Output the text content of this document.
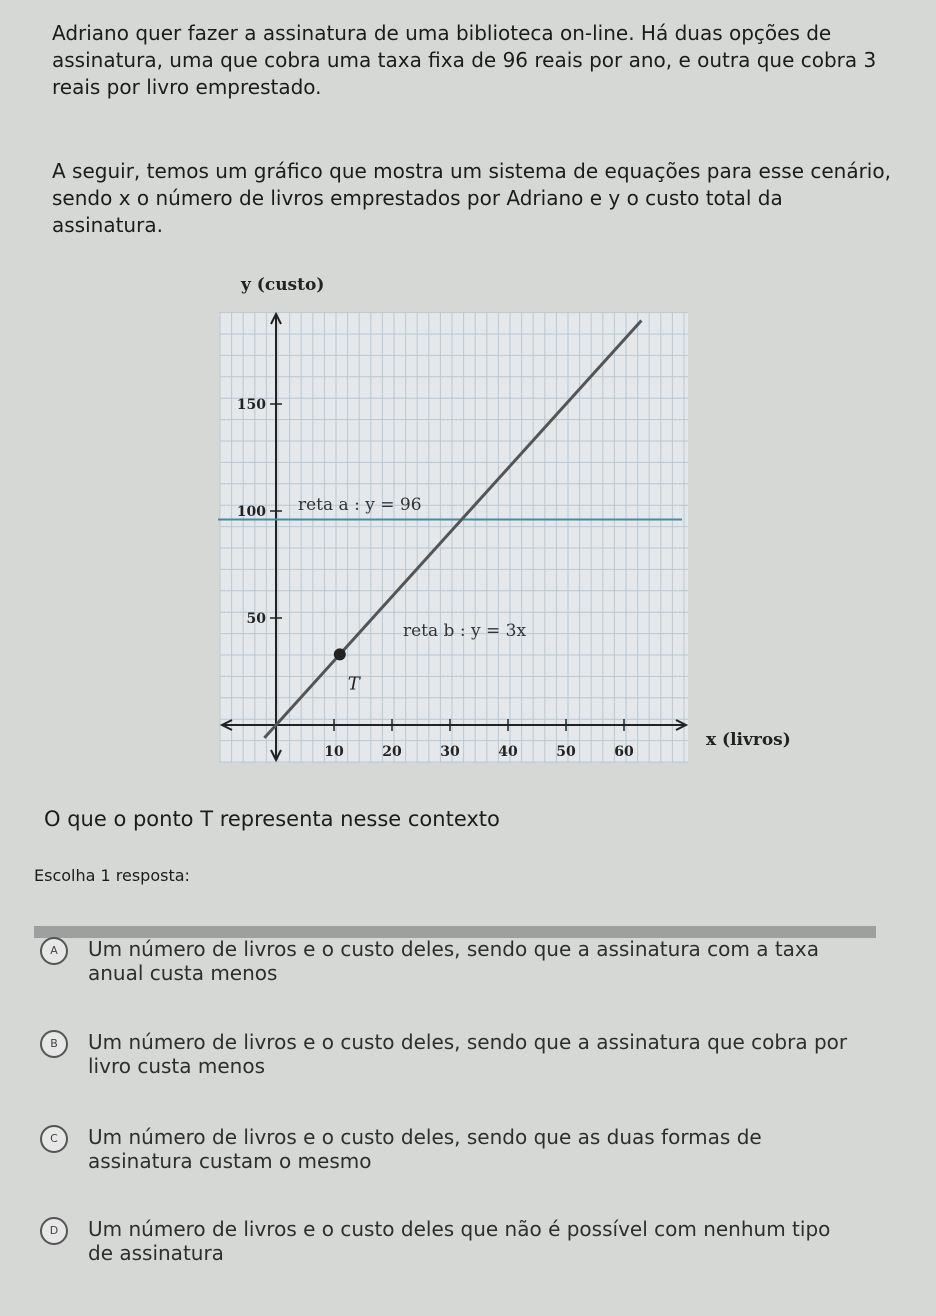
Adriano quer fazer a assinatura de uma biblioteca on-line. Há duas opções de assinatura, uma que cobra uma taxa fixa de 96 reais por ano, e outra que cobra 3 reais por livro emprestado.
A seguir, temos um gráfico que mostra um sistema de equações para esse cenário, sendo x o número de livros emprestados por Adriano e y o custo total da assinatura.
y (custo)
x (livros)
10	20	30	40	50	60
50
100
150
reta a : y = 96
reta b : y = 3x
T
O que o ponto T representa nesse contexto
Escolha 1 resposta:
A	Um número de livros e o custo deles, sendo que a assinatura com a taxa anual custa menos
B	Um número de livros e o custo deles, sendo que a assinatura que cobra por livro custa menos
C	Um número de livros e o custo deles, sendo que as duas formas de assinatura custam o mesmo
D	Um número de livros e o custo deles que não é possível com nenhum tipo de assinatura
